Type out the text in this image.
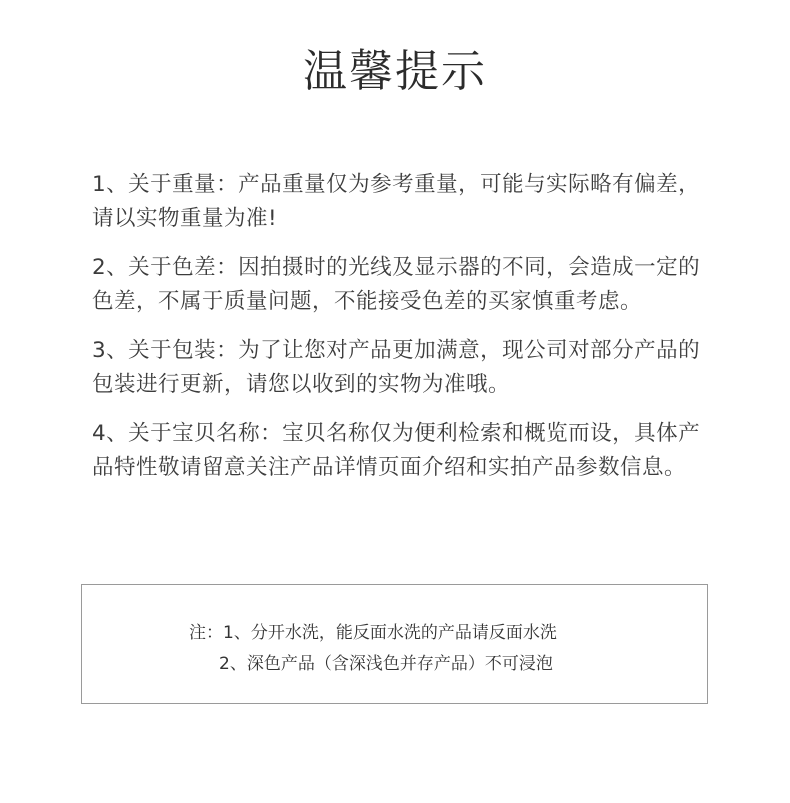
温馨提示

1、关于重量：产品重量仅为参考重量，可能与实际略有偏差，请以实物重量为准!

2、关于色差：因拍摄时的光线及显示器的不同，会造成一定的色差，不属于质量问题，不能接受色差的买家慎重考虑。

3、关于包装：为了让您对产品更加满意，现公司对部分产品的包装进行更新，请您以收到的实物为准哦。

4、关于宝贝名称：宝贝名称仅为便利检索和概览而设，具体产品特性敬请留意关注产品详情页面介绍和实拍产品参数信息。

注：1、分开水洗，能反面水洗的产品请反面水洗
2、深色产品（含深浅色并存产品）不可浸泡
